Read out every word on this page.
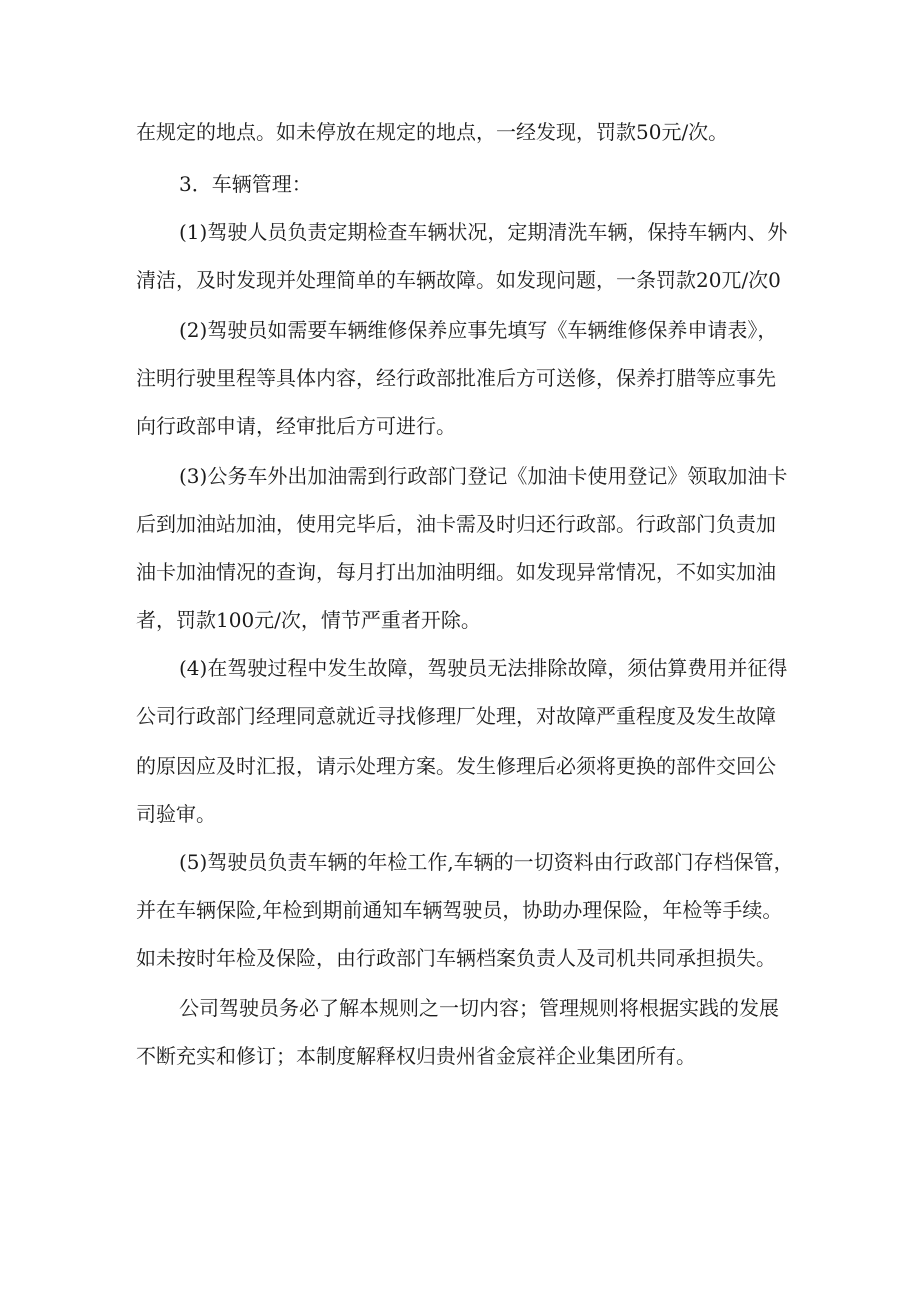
在规定的地点。如未停放在规定的地点，一经发现，罚款50元/次。
3．车辆管理：
(1)驾驶人员负责定期检查车辆状况，定期清洗车辆，保持车辆内、外
清洁，及时发现并处理简单的车辆故障。如发现问题，一条罚款20兀/次0
(2)驾驶员如需要车辆维修保养应事先填写《车辆维修保养申请表》，
注明行驶里程等具体内容，经行政部批准后方可送修，保养打腊等应事先
向行政部申请，经审批后方可进行。
(3)公务车外出加油需到行政部门登记《加油卡使用登记》领取加油卡
后到加油站加油，使用完毕后，油卡需及时归还行政部。行政部门负责加
油卡加油情况的查询，每月打出加油明细。如发现异常情况，不如实加油
者，罚款100元/次，情节严重者开除。
(4)在驾驶过程中发生故障，驾驶员无法排除故障，须估算费用并征得
公司行政部门经理同意就近寻找修理厂处理，对故障严重程度及发生故障
的原因应及时汇报，请示处理方案。发生修理后必须将更换的部件交回公
司验审。
(5)驾驶员负责车辆的年检工作,车辆的一切资料由行政部门存档保管，
并在车辆保险,年检到期前通知车辆驾驶员，协助办理保险，年检等手续。
如未按时年检及保险，由行政部门车辆档案负责人及司机共同承担损失。
公司驾驶员务必了解本规则之一切内容；管理规则将根据实践的发展
不断充实和修订；本制度解释权归贵州省金宸祥企业集团所有。
